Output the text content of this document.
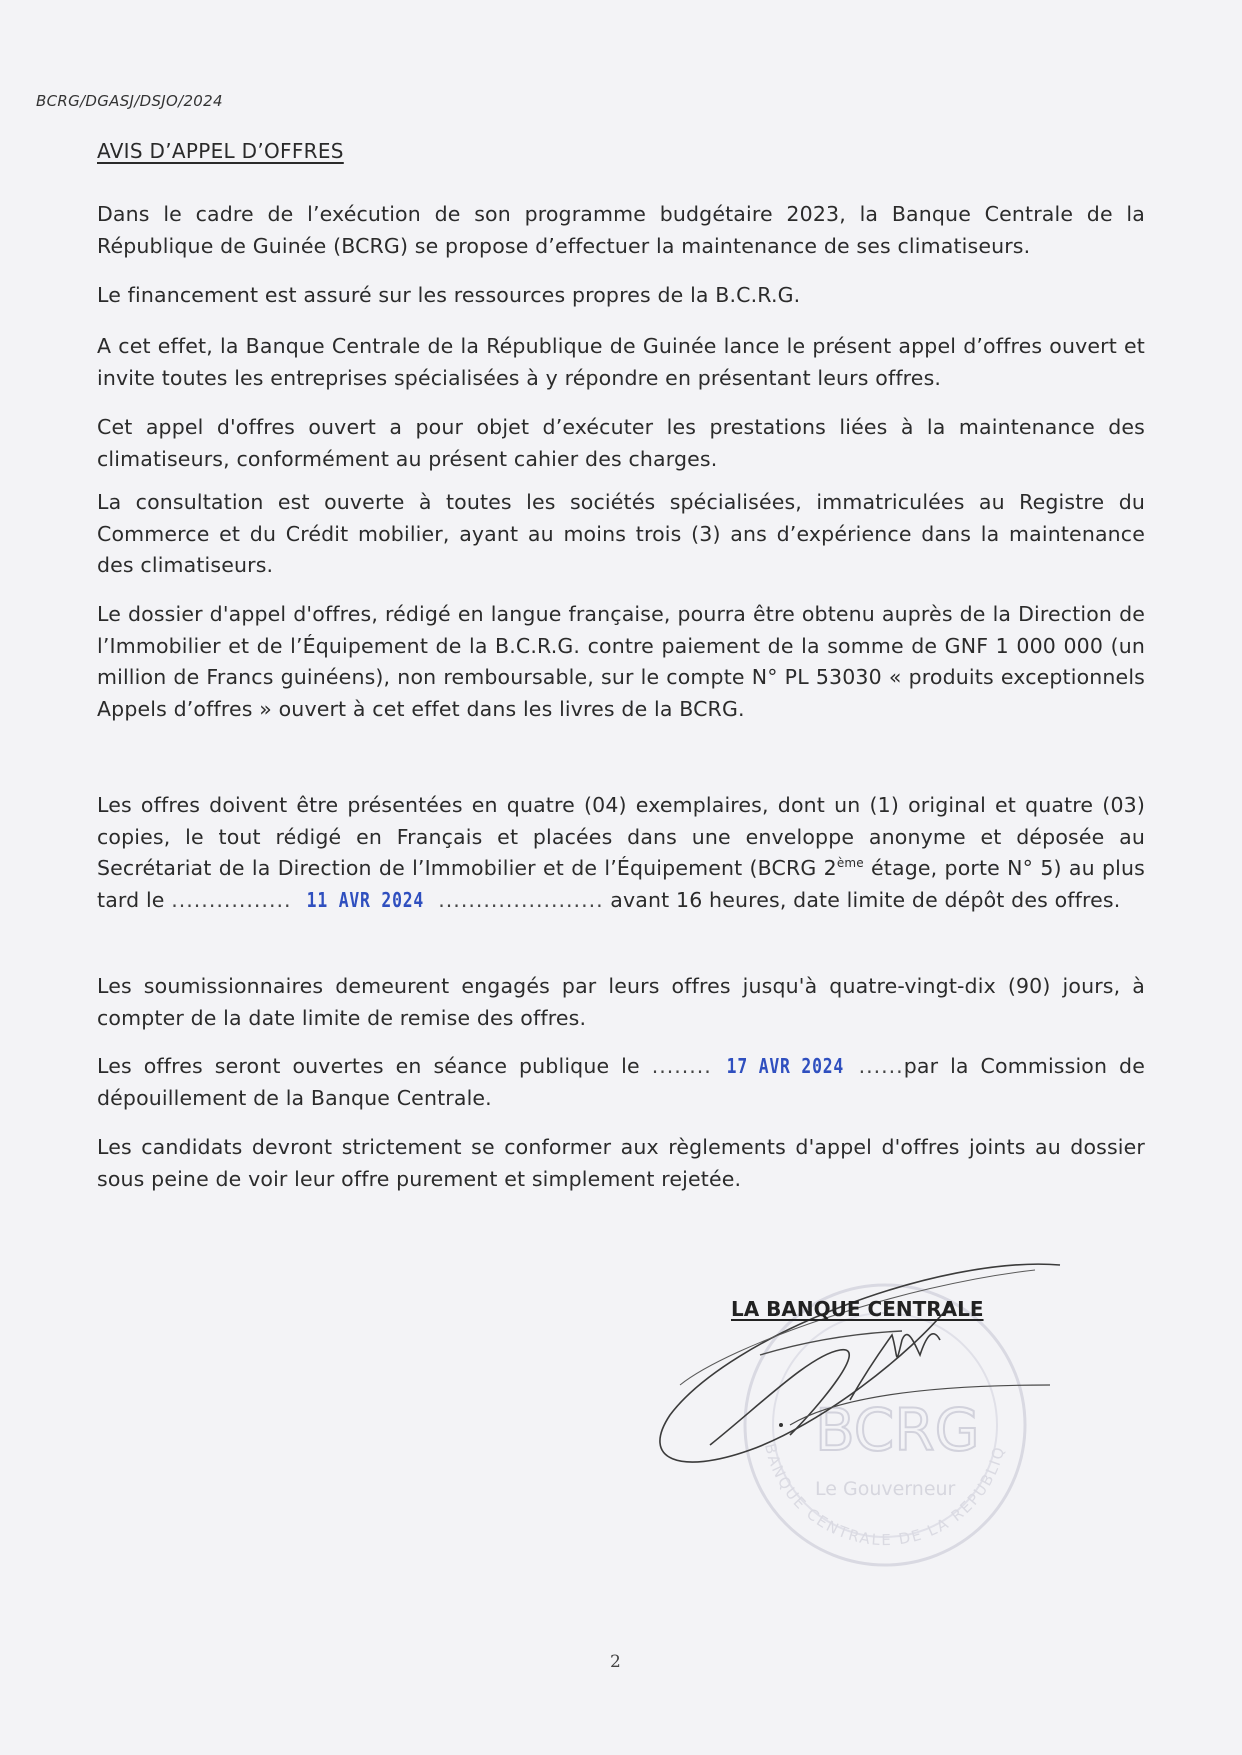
BCRG/DGASJ/DSJO/2024
AVIS D’APPEL D’OFFRES

Dans le cadre de l’exécution de son programme budgétaire 2023, la Banque Centrale de la République de Guinée (BCRG) se propose d’effectuer la maintenance de ses climatiseurs.

Le financement est assuré sur les ressources propres de la B.C.R.G.

A cet effet, la Banque Centrale de la République de Guinée lance le présent appel d’offres ouvert et invite toutes les entreprises spécialisées à y répondre en présentant leurs offres.

Cet appel d'offres ouvert a pour objet d’exécuter les prestations liées à la maintenance des climatiseurs, conformément au présent cahier des charges.

La consultation est ouverte à toutes les sociétés spécialisées, immatriculées au Registre du Commerce et du Crédit mobilier, ayant au moins trois (3) ans d’expérience dans la maintenance des climatiseurs.

Le dossier d'appel d'offres, rédigé en langue française, pourra être obtenu auprès de la Direction de l’Immobilier et de l’Équipement de la B.C.R.G. contre paiement de la somme de GNF 1 000 000 (un million de Francs guinéens), non remboursable, sur le compte N° PL 53030 « produits exceptionnels Appels d’offres » ouvert à cet effet dans les livres de la BCRG.

Les offres doivent être présentées en quatre (04) exemplaires, dont un (1) original et quatre (03) copies, le tout rédigé en Français et placées dans une enveloppe anonyme et déposée au Secrétariat de la Direction de l’Immobilier et de l’Équipement (BCRG 2ème étage, porte N° 5) au plus tard le ................ 11 AVR 2024 ...................... avant 16 heures, date limite de dépôt des offres.

Les soumissionnaires demeurent engagés par leurs offres jusqu'à quatre-vingt-dix (90) jours, à compter de la date limite de remise des offres.

Les offres seront ouvertes en séance publique le ........ 17 AVR 2024 ......par la Commission de dépouillement de la Banque Centrale.

Les candidats devront strictement se conformer aux règlements d'appel d'offres joints au dossier sous peine de voir leur offre purement et simplement rejetée.

BCRG
Le Gouverneur
BANQUE CENTRALE DE LA REPUBLIQ
LA BANQUE CENTRALE
2
